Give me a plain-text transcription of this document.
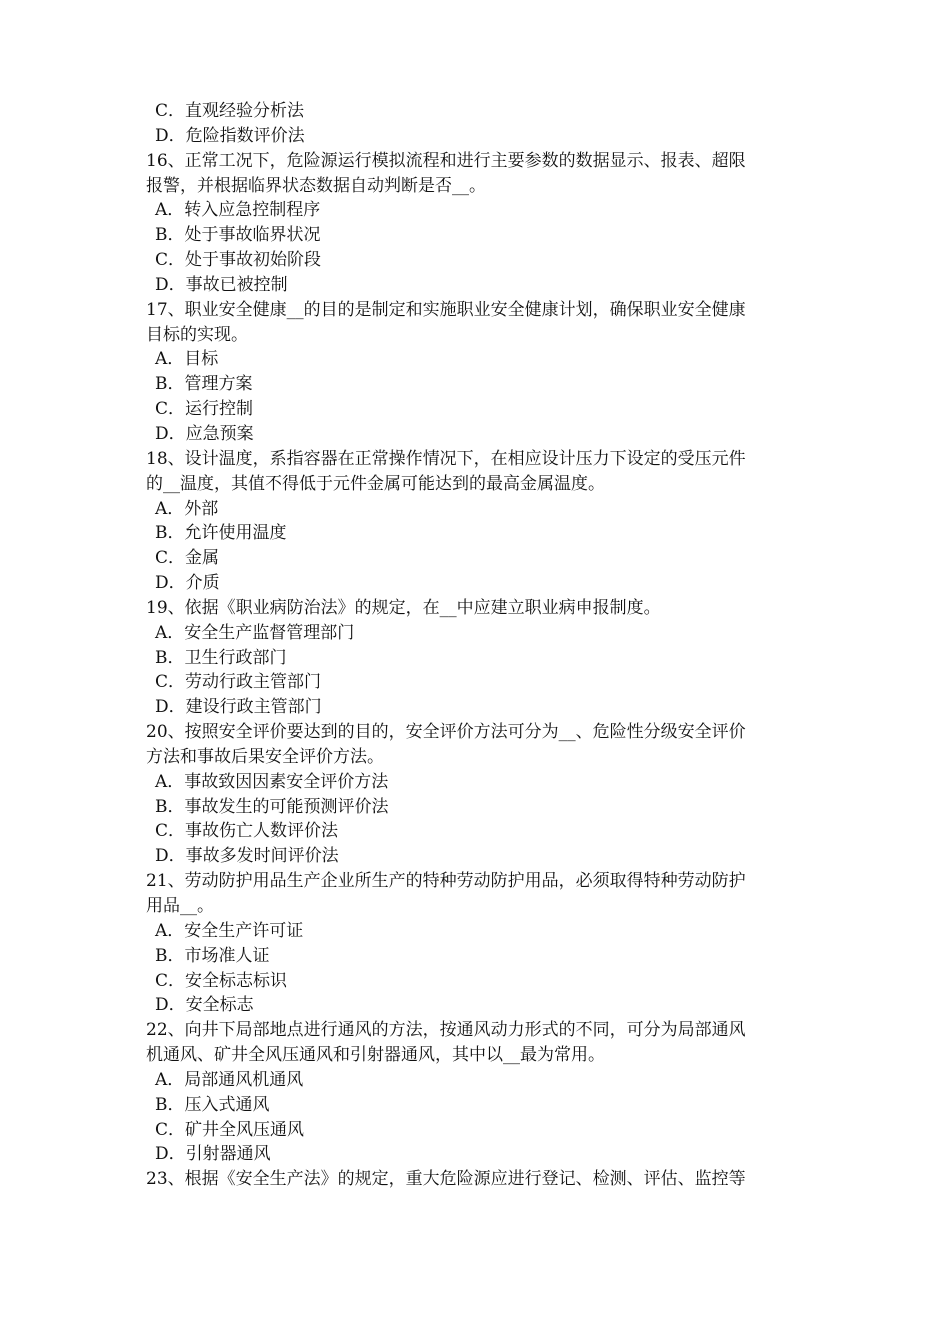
C．直观经验分析法
D．危险指数评价法
16、正常工况下，危险源运行模拟流程和进行主要参数的数据显示、报表、超限
报警，并根据临界状态数据自动判断是否__。
A．转入应急控制程序
B．处于事故临界状况
C．处于事故初始阶段
D．事故已被控制
17、职业安全健康__的目的是制定和实施职业安全健康计划，确保职业安全健康
目标的实现。
A．目标
B．管理方案
C．运行控制
D．应急预案
18、设计温度，系指容器在正常操作情况下，在相应设计压力下设定的受压元件
的__温度，其值不得低于元件金属可能达到的最高金属温度。
A．外部
B．允许使用温度
C．金属
D．介质
19、依据《职业病防治法》的规定，在__中应建立职业病申报制度。
A．安全生产监督管理部门
B．卫生行政部门
C．劳动行政主管部门
D．建设行政主管部门
20、按照安全评价要达到的目的，安全评价方法可分为__、危险性分级安全评价
方法和事故后果安全评价方法。
A．事故致因因素安全评价方法
B．事故发生的可能预测评价法
C．事故伤亡人数评价法
D．事故多发时间评价法
21、劳动防护用品生产企业所生产的特种劳动防护用品，必须取得特种劳动防护
用品__。
A．安全生产许可证
B．市场准人证
C．安全标志标识
D．安全标志
22、向井下局部地点进行通风的方法，按通风动力形式的不同，可分为局部通风
机通风、矿井全风压通风和引射器通风，其中以__最为常用。
A．局部通风机通风
B．压入式通风
C．矿井全风压通风
D．引射器通风
23、根据《安全生产法》的规定，重大危险源应进行登记、检测、评估、监控等
